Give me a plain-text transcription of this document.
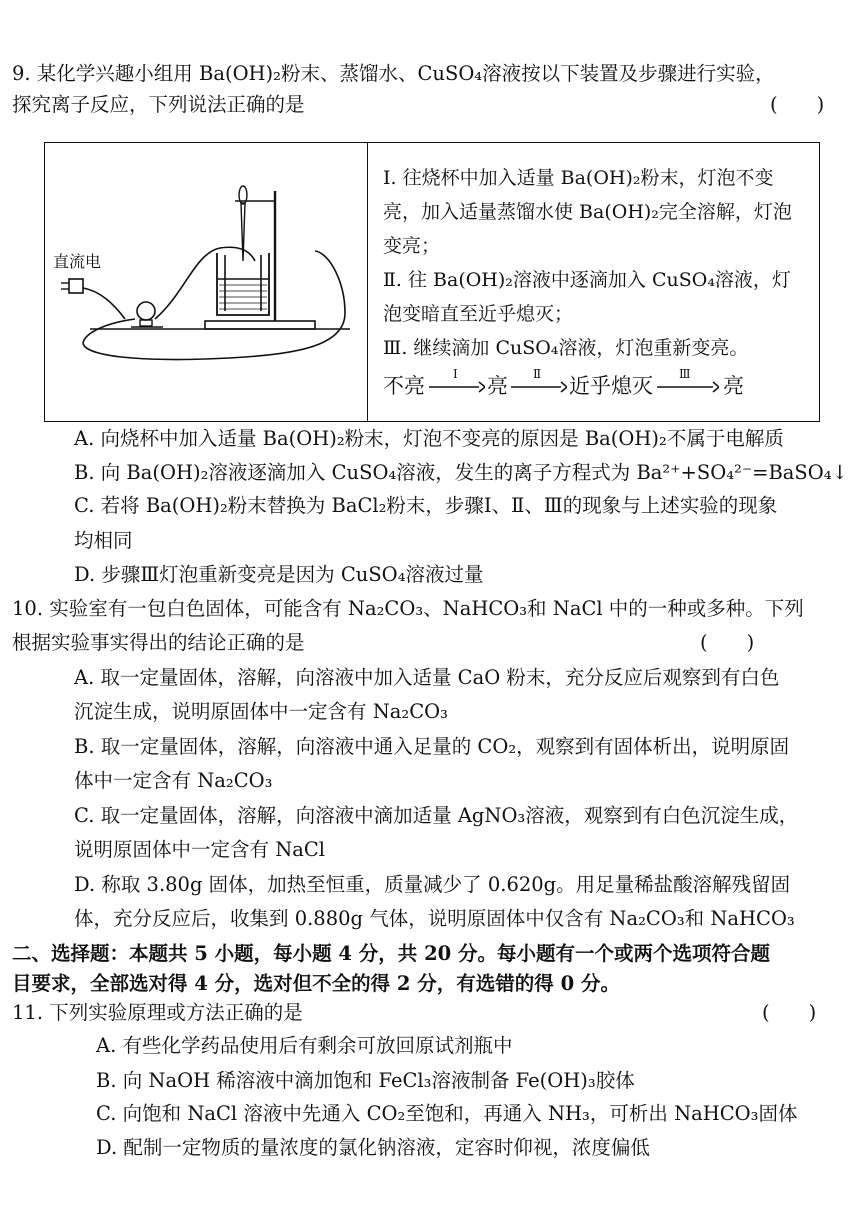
9. 某化学兴趣小组用 Ba(OH)₂粉末、蒸馏水、CuSO₄溶液按以下装置及步骤进行实验，
探究离子反应，下列说法正确的是	(　　)
直流电
Ⅰ. 往烧杯中加入适量 Ba(OH)₂粉末，灯泡不变
亮，加入适量蒸馏水使 Ba(OH)₂完全溶解，灯泡
变亮；
Ⅱ. 往 Ba(OH)₂溶液中逐滴加入 CuSO₄溶液，灯
泡变暗直至近乎熄灭；
Ⅲ. 继续滴加 CuSO₄溶液，灯泡重新变亮。
不亮 Ⅰ 亮 Ⅱ 近乎熄灭 Ⅲ 亮
A. 向烧杯中加入适量 Ba(OH)₂粉末，灯泡不变亮的原因是 Ba(OH)₂不属于电解质
B. 向 Ba(OH)₂溶液逐滴加入 CuSO₄溶液，发生的离子方程式为 Ba²⁺+SO₄²⁻=BaSO₄↓
C. 若将 Ba(OH)₂粉末替换为 BaCl₂粉末，步骤Ⅰ、Ⅱ、Ⅲ的现象与上述实验的现象
均相同
D. 步骤Ⅲ灯泡重新变亮是因为 CuSO₄溶液过量
10. 实验室有一包白色固体，可能含有 Na₂CO₃、NaHCO₃和 NaCl 中的一种或多种。下列
根据实验事实得出的结论正确的是	(　　)
A. 取一定量固体，溶解，向溶液中加入适量 CaO 粉末，充分反应后观察到有白色
沉淀生成，说明原固体中一定含有 Na₂CO₃
B. 取一定量固体，溶解，向溶液中通入足量的 CO₂，观察到有固体析出，说明原固
体中一定含有 Na₂CO₃
C. 取一定量固体，溶解，向溶液中滴加适量 AgNO₃溶液，观察到有白色沉淀生成，
说明原固体中一定含有 NaCl
D. 称取 3.80g 固体，加热至恒重，质量减少了 0.620g。用足量稀盐酸溶解残留固
体，充分反应后，收集到 0.880g 气体，说明原固体中仅含有 Na₂CO₃和 NaHCO₃
二、选择题：本题共 5 小题，每小题 4 分，共 20 分。每小题有一个或两个选项符合题
目要求，全部选对得 4 分，选对但不全的得 2 分，有选错的得 0 分。
11. 下列实验原理或方法正确的是	(　　)
A. 有些化学药品使用后有剩余可放回原试剂瓶中
B. 向 NaOH 稀溶液中滴加饱和 FeCl₃溶液制备 Fe(OH)₃胶体
C. 向饱和 NaCl 溶液中先通入 CO₂至饱和，再通入 NH₃，可析出 NaHCO₃固体
D. 配制一定物质的量浓度的氯化钠溶液，定容时仰视，浓度偏低
